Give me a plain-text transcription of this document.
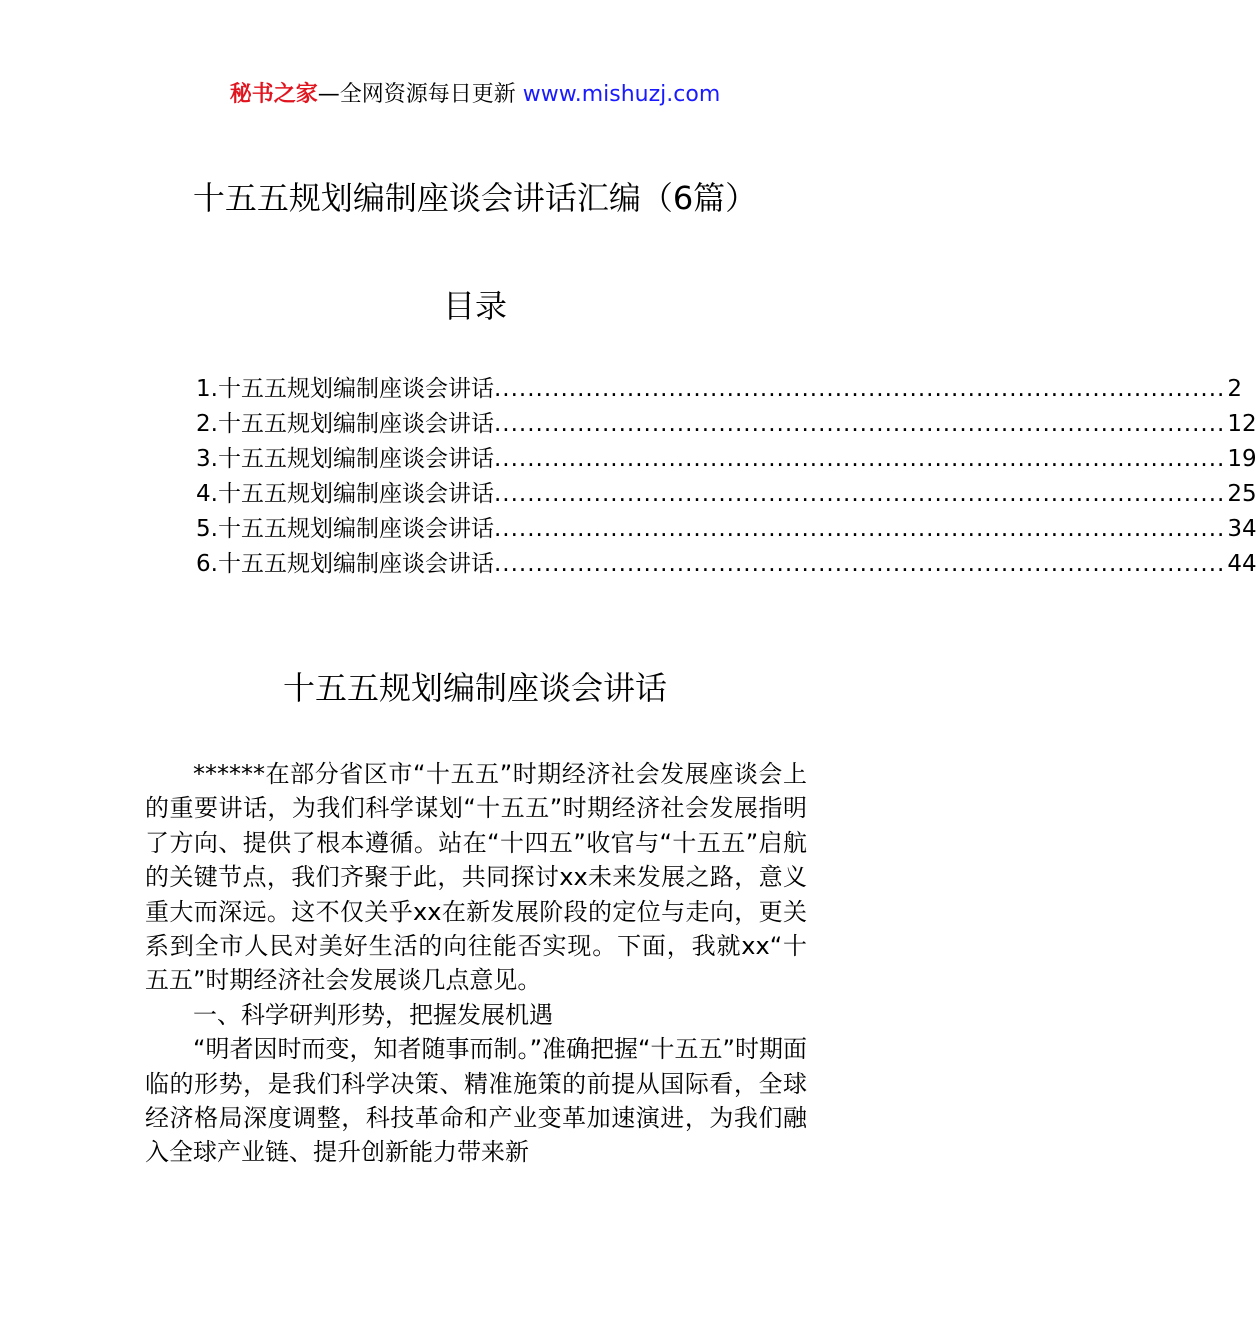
秘书之家—全网资源每日更新 www.mishuzj.com
十五五规划编制座谈会讲话汇编（6篇）
目录
1. 十五五规划编制座谈会讲话 ........................................................................................ 2
2. 十五五规划编制座谈会讲话 ........................................................................................ 12
3. 十五五规划编制座谈会讲话 ........................................................................................ 19
4. 十五五规划编制座谈会讲话 ........................................................................................ 25
5. 十五五规划编制座谈会讲话 ........................................................................................ 34
6. 十五五规划编制座谈会讲话 ........................................................................................ 44
十五五规划编制座谈会讲话

******在部分省区市“十五五”时期经济社会发展座谈会上的重要讲话，为我们科学谋划“十五五”时期经济社会发展指明了方向、提供了根本遵循。站在“十四五”收官与“十五五”启航的关键节点，我们齐聚于此，共同探讨xx未来发展之路，意义重大而深远。这不仅关乎xx在新发展阶段的定位与走向，更关系到全市人民对美好生活的向往能否实现。下面，我就xx“十五五”时期经济社会发展谈几点意见。

一、科学研判形势，把握发展机遇

“明者因时而变，知者随事而制。”准确把握“十五五”时期面临的形势，是我们科学决策、精准施策的前提从国际看，全球经济格局深度调整，科技革命和产业变革加速演进，为我们融入全球产业链、提升创新能力带来新
